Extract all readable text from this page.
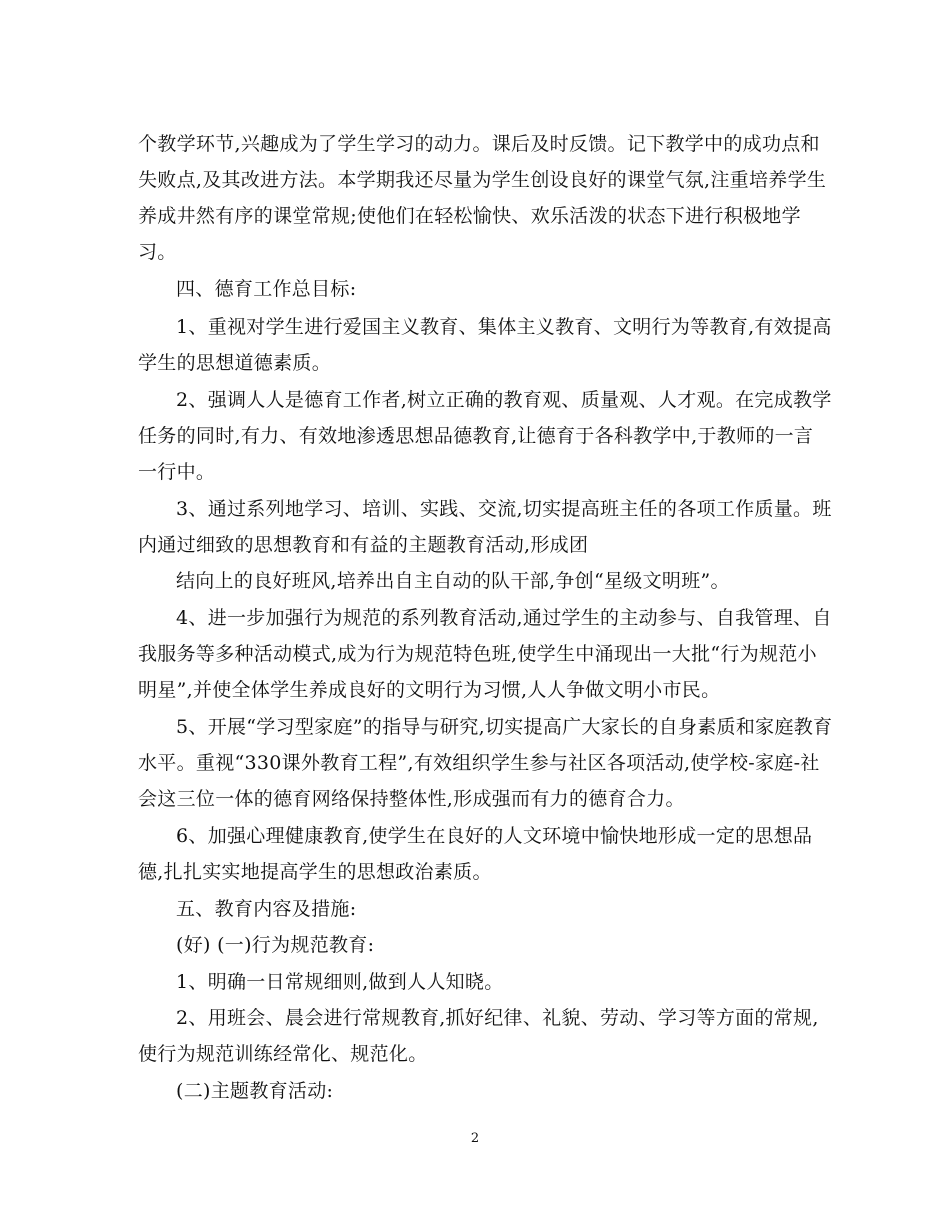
个教学环节,兴趣成为了学生学习的动力。课后及时反馈。记下教学中的成功点和
失败点,及其改进方法。本学期我还尽量为学生创设良好的课堂气氛,注重培养学生
养成井然有序的课堂常规;使他们在轻松愉快、欢乐活泼的状态下进行积极地学
习。
四、德育工作总目标:
1、重视对学生进行爱国主义教育、集体主义教育、文明行为等教育,有效提高
学生的思想道德素质。
2、强调人人是德育工作者,树立正确的教育观、质量观、人才观。在完成教学
任务的同时,有力、有效地渗透思想品德教育,让德育于各科教学中,于教师的一言
一行中。
3、通过系列地学习、培训、实践、交流,切实提高班主任的各项工作质量。班
内通过细致的思想教育和有益的主题教育活动,形成团
结向上的良好班风,培养出自主自动的队干部,争创“星级文明班”。
4、进一步加强行为规范的系列教育活动,通过学生的主动参与、自我管理、自
我服务等多种活动模式,成为行为规范特色班,使学生中涌现出一大批“行为规范小
明星”,并使全体学生养成良好的文明行为习惯,人人争做文明小市民。
5、开展“学习型家庭”的指导与研究,切实提高广大家长的自身素质和家庭教育
水平。重视“330课外教育工程”,有效组织学生参与社区各项活动,使学校-家庭-社
会这三位一体的德育网络保持整体性,形成强而有力的德育合力。
6、加强心理健康教育,使学生在良好的人文环境中愉快地形成一定的思想品
德,扎扎实实地提高学生的思想政治素质。
五、教育内容及措施:
(好) (一)行为规范教育:
1、明确一日常规细则,做到人人知晓。
2、用班会、晨会进行常规教育,抓好纪律、礼貌、劳动、学习等方面的常规,
使行为规范训练经常化、规范化。
(二)主题教育活动:
2
